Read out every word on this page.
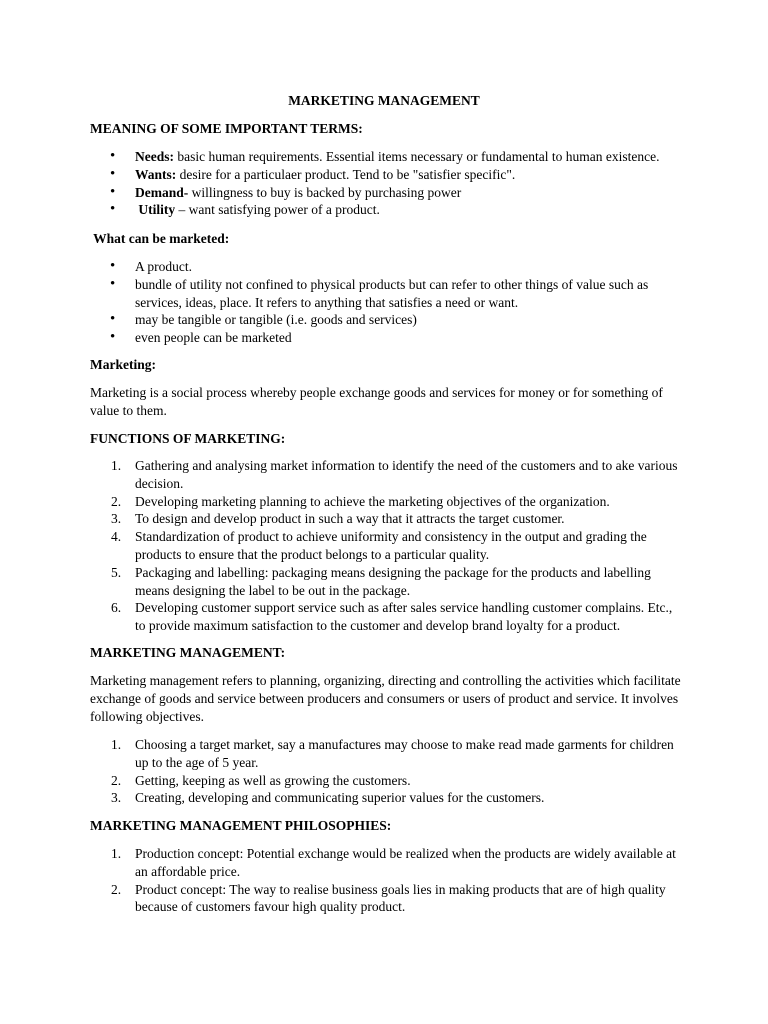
MARKETING MANAGEMENT
MEANING OF SOME IMPORTANT TERMS:
• Needs: basic human requirements. Essential items necessary or fundamental to human existence.
• Wants: desire for a particulaer product. Tend to be "satisfier specific".
• Demand- willingness to buy is backed by purchasing power
•  Utility – want satisfying power of a product.
What can be marketed:
• A product.
• bundle of utility not confined to physical products but can refer to other things of value such as services, ideas, place. It refers to anything that satisfies a need or want.
• may be tangible or tangible (i.e. goods and services)
• even people can be marketed
Marketing:
Marketing is a social process whereby people exchange goods and services for money or for something of value to them.
FUNCTIONS OF MARKETING:
1. Gathering and analysing market information to identify the need of the customers and to ake various decision.
2. Developing marketing planning to achieve the marketing objectives of the organization.
3. To design and develop product in such a way that it attracts the target customer.
4. Standardization of product to achieve uniformity and consistency in the output and grading the products to ensure that the product belongs to a particular quality.
5. Packaging and labelling: packaging means designing the package for the products and labelling means designing the label to be out in the package.
6. Developing customer support service such as after sales service handling customer complains. Etc., to provide maximum satisfaction to the customer and develop brand loyalty for a product.
MARKETING MANAGEMENT:
Marketing management refers to planning, organizing, directing and controlling the activities which facilitate exchange of goods and service between producers and consumers or users of product and service. It involves following objectives.
1. Choosing a target market, say a manufactures may choose to make read made garments for children up to the age of 5 year.
2. Getting, keeping as well as growing the customers.
3. Creating, developing and communicating superior values for the customers.
MARKETING MANAGEMENT PHILOSOPHIES:
1. Production concept: Potential exchange would be realized when the products are widely available at an affordable price.
2. Product concept: The way to realise business goals lies in making products that are of high quality because of customers favour high quality product.
